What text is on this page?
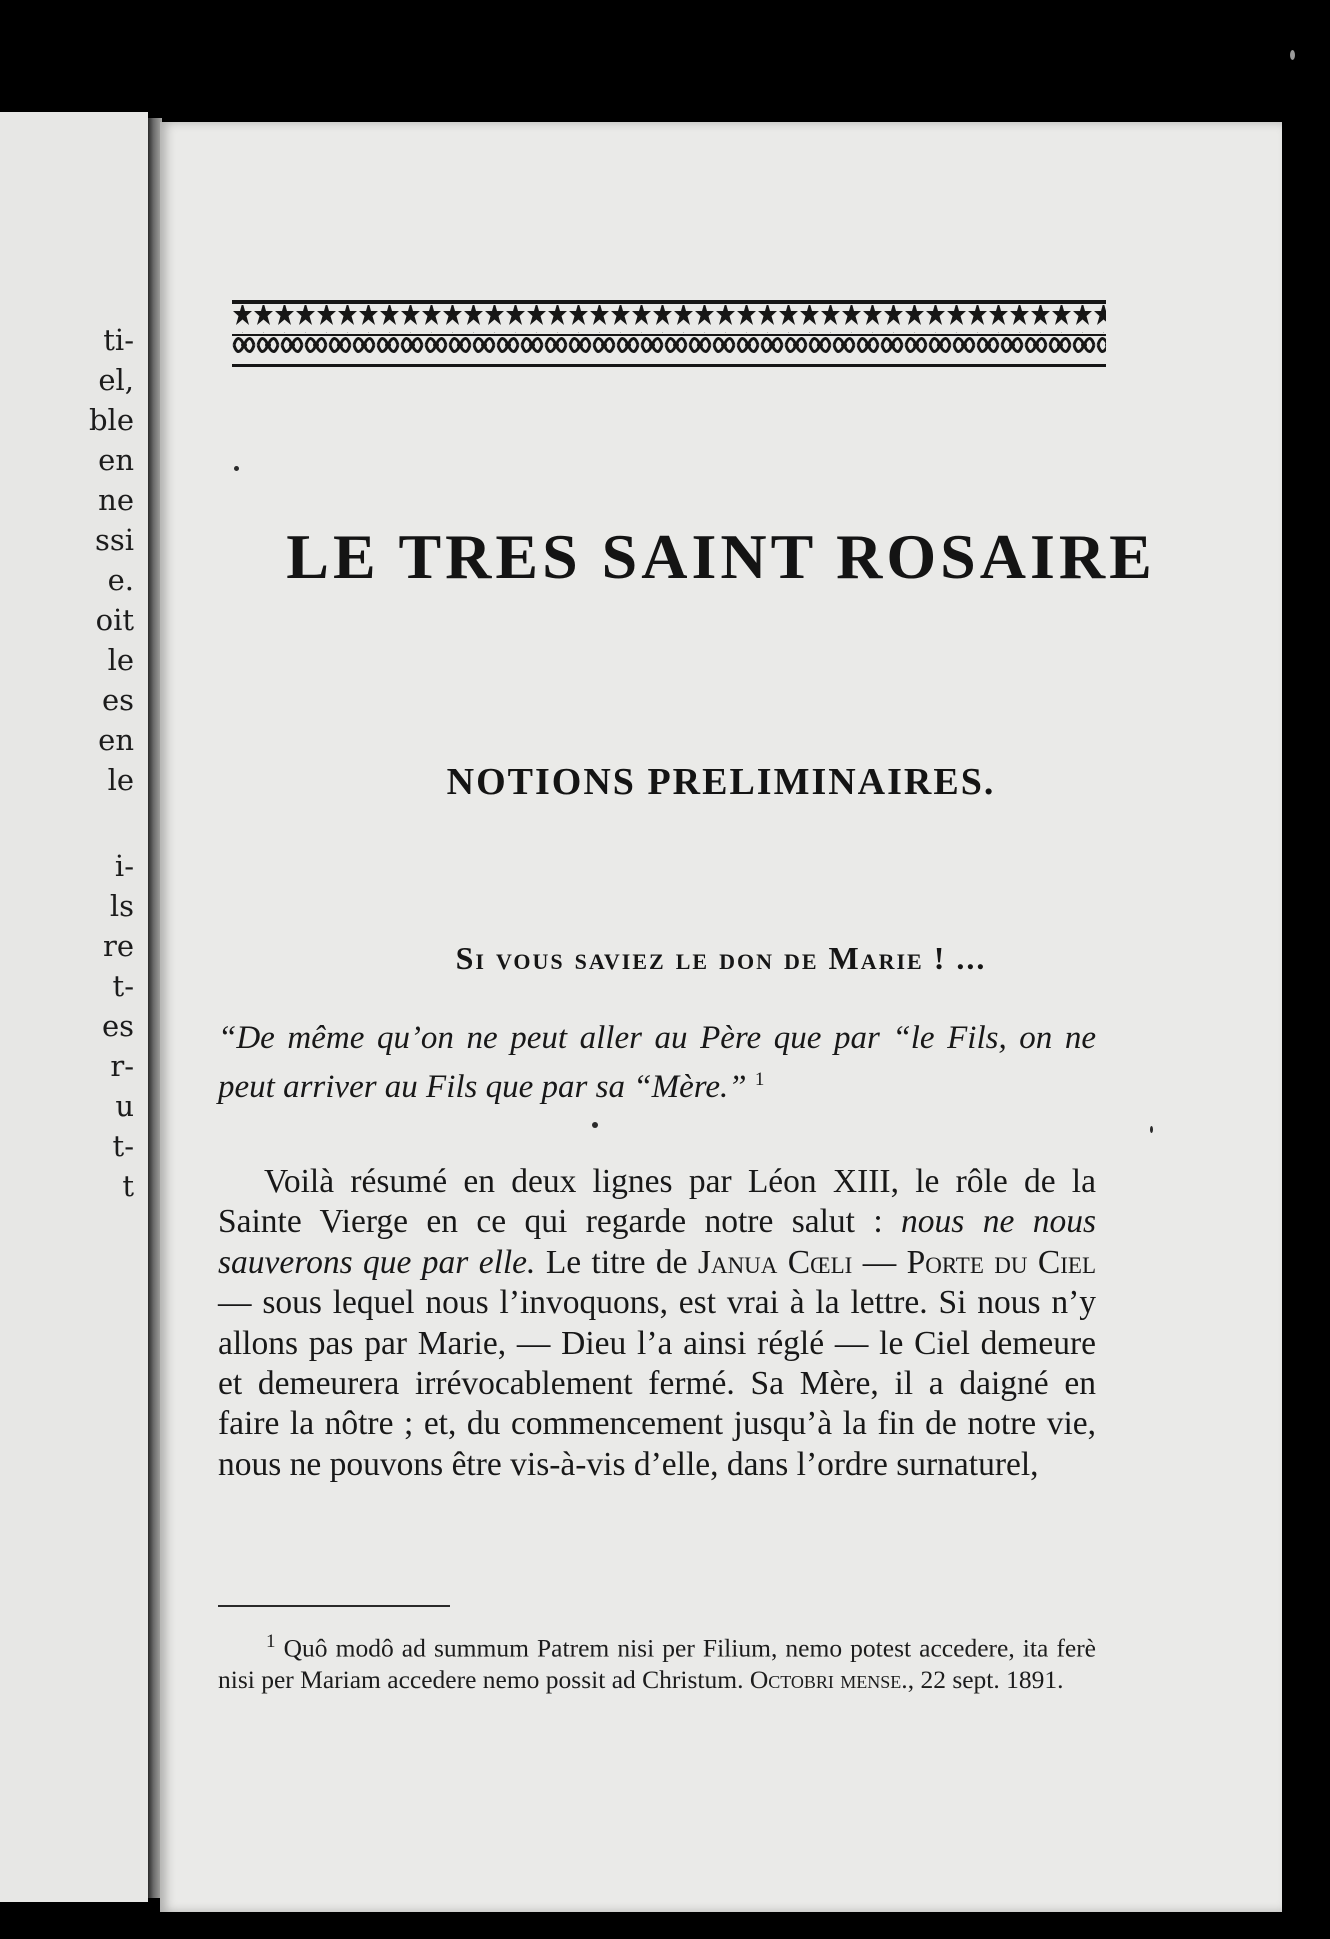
ti-
el,
ble
en
ne
ssi
e.
oit
le
es
en
le
i-
ls
re
t-
es
r-
u
t-
t
LE TRES SAINT ROSAIRE
NOTIONS PRELIMINAIRES.
Si vous saviez le don de Marie ! ...

“De même qu’on ne peut aller au Père que par “le Fils, on ne peut arriver au Fils que par sa “Mère.” $^1$

Voilà résumé en deux lignes par Léon XIII, le rôle de la Sainte Vierge en ce qui regarde notre salut : nous ne nous sauverons que par elle. Le titre de Janua Cœli — Porte du Ciel — sous lequel nous l’invoquons, est vrai à la lettre. Si nous n’y allons pas par Marie, — Dieu l’a ainsi réglé — le Ciel demeure et demeurera irrévocablement fermé. Sa Mère, il a daigné en faire la nôtre ; et, du commencement jusqu’à la fin de notre vie, nous ne pouvons être vis-à-vis d’elle, dans l’ordre surnaturel,

$^1$ Quô modô ad summum Patrem nisi per Filium, nemo potest accedere, ita ferè nisi per Mariam accedere nemo possit ad Christum. Octobri mense., 22 sept. 1891.
